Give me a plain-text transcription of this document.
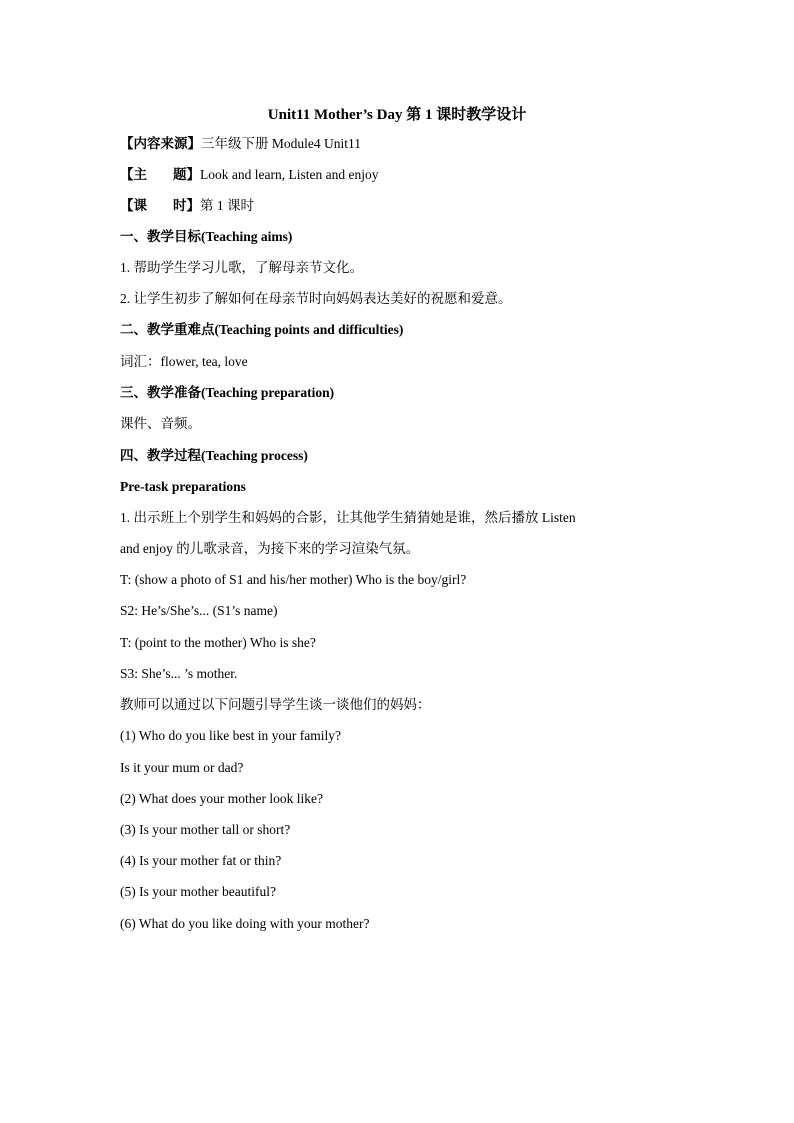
Unit11 Mother’s Day 第 1 课时教学设计
【内容来源】三年级下册 Module4 Unit11
【主 题】Look and learn, Listen and enjoy
【课 时】第 1 课时
一、教学目标(Teaching aims)
1. 帮助学生学习儿歌，了解母亲节文化。
2. 让学生初步了解如何在母亲节时向妈妈表达美好的祝愿和爱意。
二、教学重难点(Teaching points and difficulties)
词汇：flower, tea, love
三、教学准备(Teaching preparation)
课件、音频。
四、教学过程(Teaching process)
Pre-task preparations
1. 出示班上个别学生和妈妈的合影，让其他学生猜猜她是谁，然后播放 Listen
and enjoy 的儿歌录音，为接下来的学习渲染气氛。
T: (show a photo of S1 and his/her mother) Who is the boy/girl?
S2: He’s/She’s... (S1’s name)
T: (point to the mother) Who is she?
S3: She’s... ’s mother.
教师可以通过以下问题引导学生谈一谈他们的妈妈：
(1) Who do you like best in your family?
Is it your mum or dad?
(2) What does your mother look like?
(3) Is your mother tall or short?
(4) Is your mother fat or thin?
(5) Is your mother beautiful?
(6) What do you like doing with your mother?
